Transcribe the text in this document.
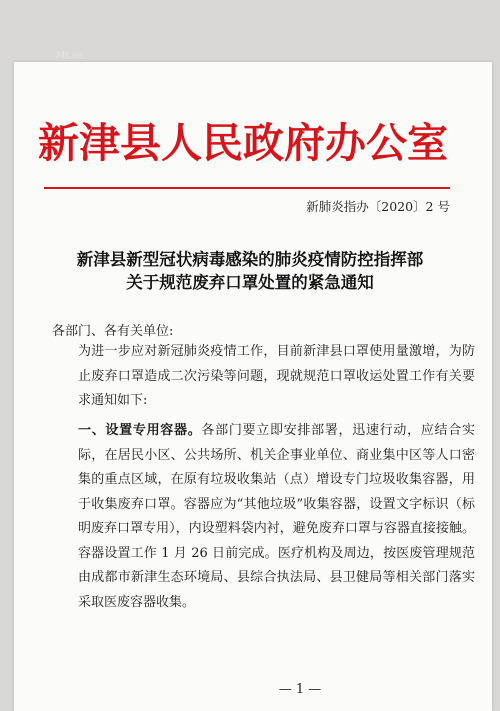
Mt.ee
新津县人民政府办公室
新肺炎指办〔2020〕2 号
新津县新型冠状病毒感染的肺炎疫情防控指挥部
关于规范废弃口罩处置的紧急通知
各部门、各有关单位:
为进一步应对新冠肺炎疫情工作，目前新津县口罩使用量激增，为防止废弃口罩造成二次污染等问题，现就规范口罩收运处置工作有关要求通知如下:
一、设置专用容器。各部门要立即安排部署，迅速行动，应结合实际，在居民小区、公共场所、机关企事业单位、商业集中区等人口密集的重点区域，在原有垃圾收集站（点）增设专门垃圾收集容器，用于收集废弃口罩。容器应为“其他垃圾”收集容器，设置文字标识（标明废弃口罩专用），内设塑料袋内衬，避免废弃口罩与容器直接接触。容器设置工作 1 月 26 日前完成。医疗机构及周边，按医废管理规范由成都市新津生态环境局、县综合执法局、县卫健局等相关部门落实采取医废容器收集。
— 1 —
